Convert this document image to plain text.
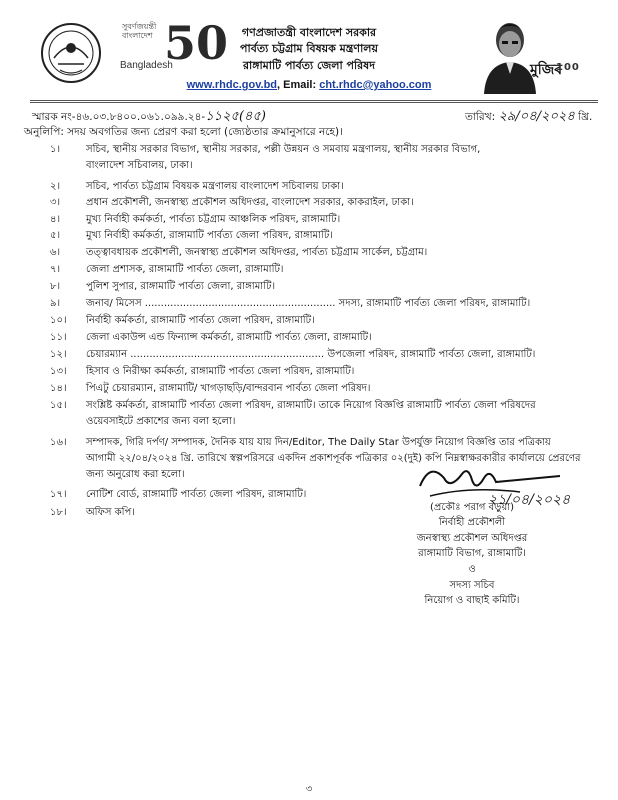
সুবর্ণজয়ন্তী
বাংলাদেশ
Bangladesh
50	গণপ্রজাতন্ত্রী বাংলাদেশ সরকার
পার্বত্য চট্টগ্রাম বিষয়ক মন্ত্রণালয়
রাঙ্গামাটি পার্বত্য জেলা পরিষদ
www.rhdc.gov.bd, Email: cht.rhdc@yahoo.com
মুজিব
100
স্মারক নং-৪৬.০৩.৮৪০০.০৬১.০৯৯.২৪-১১২৫(৪৫)	তারিখ: ২৯/০৪/২০২৪ খ্রি.
অনুলিপি: সদয় অবগতির জন্য প্রেরণ করা হলো (জ্যেষ্ঠতার ক্রমানুসারে নহে)।
১।	সচিব, স্থানীয় সরকার বিভাগ, স্থানীয় সরকার, পল্লী উন্নয়ন ও সমবায় মন্ত্রণালয়, স্থানীয় সরকার বিভাগ,
বাংলাদেশ সচিবালয়, ঢাকা।
২।	সচিব, পার্বত্য চট্টগ্রাম বিষয়ক মন্ত্রণালয় বাংলাদেশ সচিবালয় ঢাকা।
৩।	প্রধান প্রকৌশলী, জনস্বাস্থ্য প্রকৌশল অধিদপ্তর, বাংলাদেশ সরকার, কাকরাইল, ঢাকা।
৪।	মুখ্য নির্বাহী কর্মকর্তা, পার্বত্য চট্টগ্রাম আঞ্চলিক পরিষদ, রাঙ্গামাটি।
৫।	মুখ্য নির্বাহী কর্মকর্তা, রাঙ্গামাটি পার্বত্য জেলা পরিষদ, রাঙ্গামাটি।
৬।	তত্ত্বাবধায়ক প্রকৌশলী, জনস্বাস্থ্য প্রকৌশল অধিদপ্তর, পার্বত্য চট্টগ্রাম সার্কেল, চট্টগ্রাম।
৭।	জেলা প্রশাসক, রাঙ্গামাটি পার্বত্য জেলা, রাঙ্গামাটি।
৮।	পুলিশ সুপার, রাঙ্গামাটি পার্বত্য জেলা, রাঙ্গামাটি।
৯।	জনাব/ মিসেস ............................................................ সদস্য, রাঙ্গামাটি পার্বত্য জেলা পরিষদ, রাঙ্গামাটি।
১০।	নির্বাহী কর্মকর্তা, রাঙ্গামাটি পার্বত্য জেলা পরিষদ, রাঙ্গামাটি।
১১।	জেলা একাউন্স এন্ড ফিন্যান্স কর্মকর্তা, রাঙ্গামাটি পার্বত্য জেলা, রাঙ্গামাটি।
১২।	চেয়ারম্যান ............................................................. উপজেলা পরিষদ, রাঙ্গামাটি পার্বত্য জেলা, রাঙ্গামাটি।
১৩।	হিসাব ও নিরীক্ষা কর্মকর্তা, রাঙ্গামাটি পার্বত্য জেলা পরিষদ, রাঙ্গামাটি।
১৪।	পিএটু চেয়ারম্যান, রাঙ্গামাটি/ খাগড়াছড়ি/বান্দরবান পার্বত্য জেলা পরিষদ।
১৫।	সংশ্লিষ্ট কর্মকর্তা, রাঙ্গামাটি পার্বত্য জেলা পরিষদ, রাঙ্গামাটি। তাকে নিয়োগ বিজ্ঞপ্তি রাঙ্গামাটি পার্বত্য জেলা পরিষদের
ওয়েবসাইটে প্রকাশের জন্য বলা হলো।
১৬।	সম্পাদক, গিরি দর্পণ/ সম্পাদক, দৈনিক যায় যায় দিন/Editor, The Daily Star উপর্যুক্ত নিয়োগ বিজ্ঞপ্তি তার পত্রিকায়
আগামী ২২/০৪/২০২৪ খ্রি. তারিখে স্বল্পপরিসরে একদিন প্রকাশপূর্বক পত্রিকার ০২(দুই) কপি নিম্নস্বাক্ষরকারীর কার্যালয়ে প্রেরণের
জন্য অনুরোধ করা হলো।
১৭।	নোটিশ বোর্ড, রাঙ্গামাটি পার্বত্য জেলা পরিষদ, রাঙ্গামাটি।
১৮।	অফিস কপি।
২১/০৪/২০২৪
(প্রকৌঃ পরাগ বড়ুয়া)
নির্বাহী প্রকৌশলী
জনস্বাস্থ্য প্রকৌশল অধিদপ্তর
রাঙ্গামাটি বিভাগ, রাঙ্গামাটি।
ও
সদস্য সচিব
নিয়োগ ও বাছাই কমিটি।
৩
